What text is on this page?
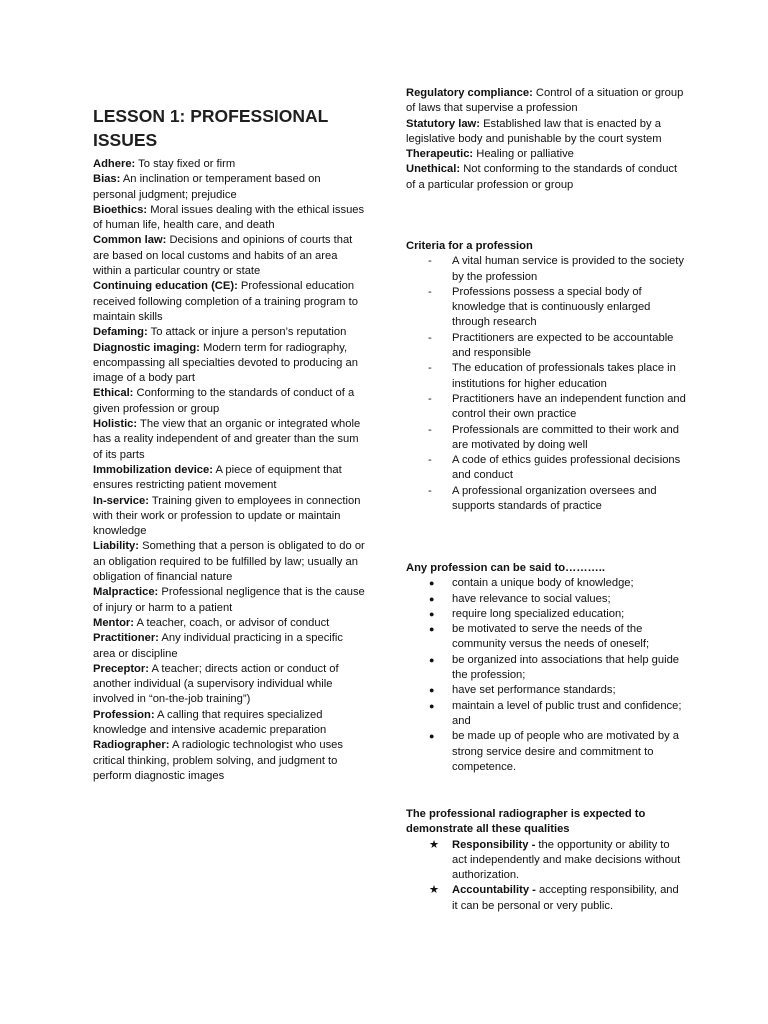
LESSON 1: PROFESSIONAL ISSUES

Adhere: To stay fixed or firm
Bias: An inclination or temperament based on personal judgment; prejudice
Bioethics: Moral issues dealing with the ethical issues of human life, health care, and death
Common law: Decisions and opinions of courts that are based on local customs and habits of an area within a particular country or state
Continuing education (CE): Professional education received following completion of a training program to maintain skills
Defaming: To attack or injure a person’s reputation
Diagnostic imaging: Modern term for radiography, encompassing all specialties devoted to producing an image of a body part
Ethical: Conforming to the standards of conduct of a given profession or group
Holistic: The view that an organic or integrated whole has a reality independent of and greater than the sum of its parts
Immobilization device: A piece of equipment that ensures restricting patient movement
In-service: Training given to employees in connection with their work or profession to update or maintain knowledge
Liability: Something that a person is obligated to do or an obligation required to be fulfilled by law; usually an obligation of financial nature
Malpractice: Professional negligence that is the cause of injury or harm to a patient
Mentor: A teacher, coach, or advisor of conduct
Practitioner: Any individual practicing in a specific area or discipline
Preceptor: A teacher; directs action or conduct of another individual (a supervisory individual while involved in “on-the-job training”)
Profession: A calling that requires specialized knowledge and intensive academic preparation
Radiographer: A radiologic technologist who uses critical thinking, problem solving, and judgment to perform diagnostic images

Regulatory compliance: Control of a situation or group of laws that supervise a profession
Statutory law: Established law that is enacted by a legislative body and punishable by the court system
Therapeutic: Healing or palliative
Unethical: Not conforming to the standards of conduct of a particular profession or group

Criteria for a profession

-	A vital human service is provided to the society by the profession
-	Professions possess a special body of knowledge that is continuously enlarged through research
-	Practitioners are expected to be accountable and responsible
-	The education of professionals takes place in institutions for higher education
-	Practitioners have an independent function and control their own practice
-	Professionals are committed to their work and are motivated by doing well
-	A code of ethics guides professional decisions and conduct
-	A professional organization oversees and supports standards of practice

Any profession can be said to………..

●	contain a unique body of knowledge;
●	have relevance to social values;
●	require long specialized education;
●	be motivated to serve the needs of the community versus the needs of oneself;
●	be organized into associations that help guide the profession;
●	have set performance standards;
●	maintain a level of public trust and confidence; and
●	be made up of people who are motivated by a strong service desire and commitment to competence.

The professional radiographer is expected to demonstrate all these qualities

★	Responsibility - the opportunity or ability to act independently and make decisions without authorization.
★	Accountability - accepting responsibility, and it can be personal or very public.
